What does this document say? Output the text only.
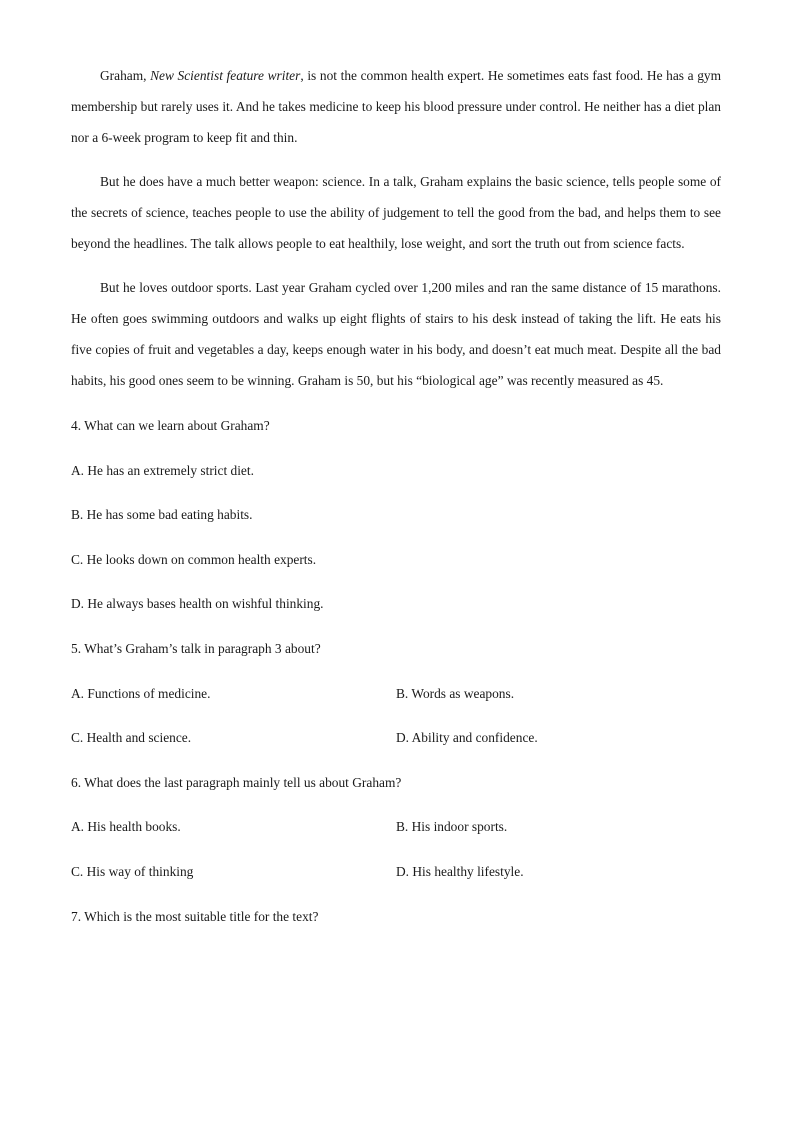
Graham, New Scientist feature writer, is not the common health expert. He sometimes eats fast food. He has a gym membership but rarely uses it. And he takes medicine to keep his blood pressure under control. He neither has a diet plan nor a 6-week program to keep fit and thin.

But he does have a much better weapon: science. In a talk, Graham explains the basic science, tells people some of the secrets of science, teaches people to use the ability of judgement to tell the good from the bad, and helps them to see beyond the headlines. The talk allows people to eat healthily, lose weight, and sort the truth out from science facts.

But he loves outdoor sports. Last year Graham cycled over 1,200 miles and ran the same distance of 15 marathons. He often goes swimming outdoors and walks up eight flights of stairs to his desk instead of taking the lift. He eats his five copies of fruit and vegetables a day, keeps enough water in his body, and doesn’t eat much meat. Despite all the bad habits, his good ones seem to be winning. Graham is 50, but his “biological age” was recently measured as 45.

4. What can we learn about Graham?
A. He has an extremely strict diet.
B. He has some bad eating habits.
C. He looks down on common health experts.
D. He always bases health on wishful thinking.
5. What’s Graham’s talk in paragraph 3 about?
A. Functions of medicine.	B. Words as weapons.
C. Health and science.	D. Ability and confidence.
6. What does the last paragraph mainly tell us about Graham?
A. His health books.	B. His indoor sports.
C. His way of thinking	D. His healthy lifestyle.
7. Which is the most suitable title for the text?
